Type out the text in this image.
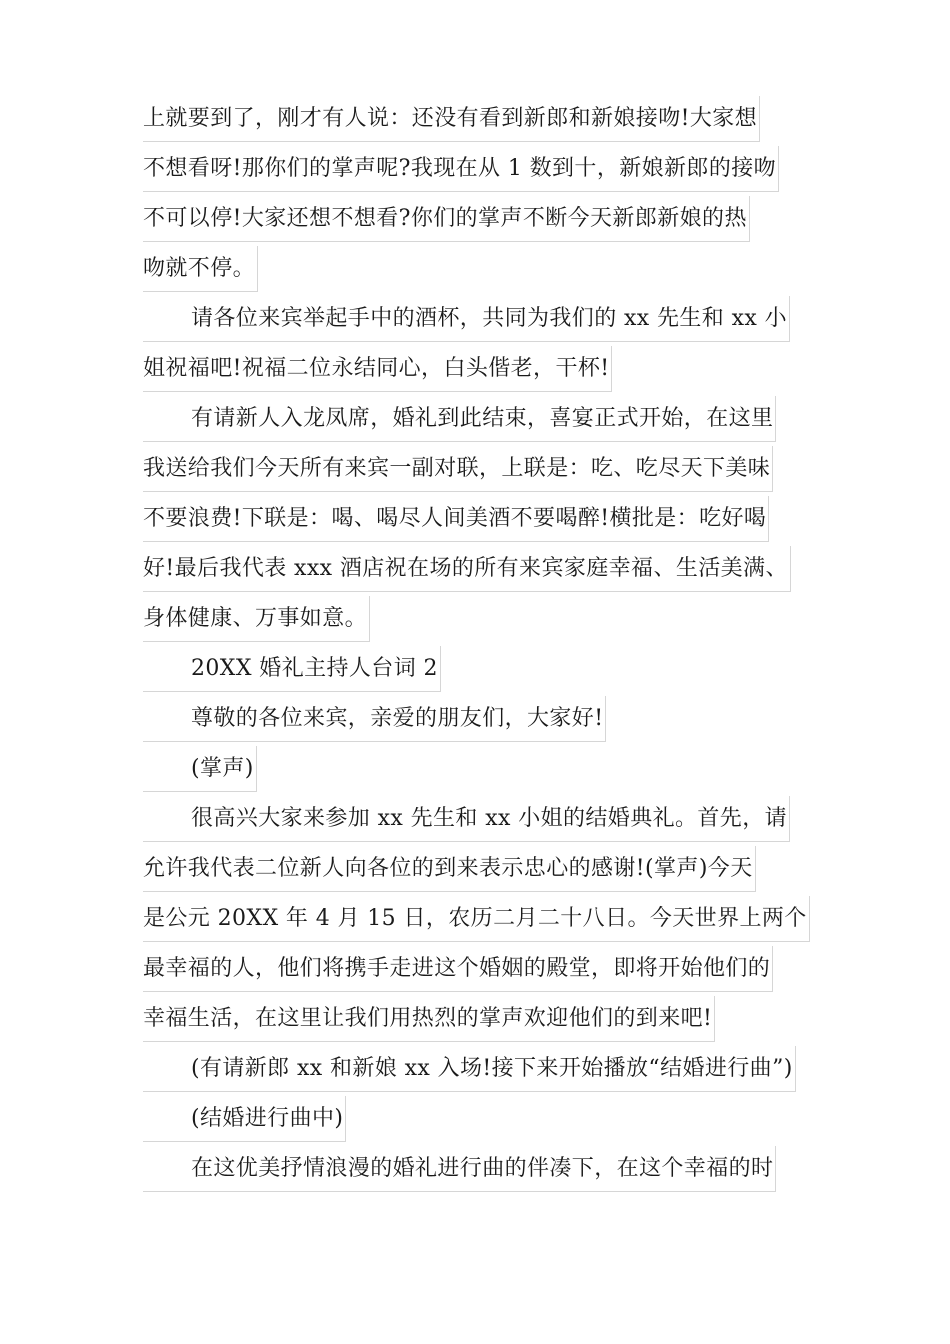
上就要到了，刚才有人说：还没有看到新郎和新娘接吻!大家想
不想看呀!那你们的掌声呢?我现在从 1 数到十，新娘新郎的接吻
不可以停!大家还想不想看?你们的掌声不断今天新郎新娘的热
吻就不停。
请各位来宾举起手中的酒杯，共同为我们的 xx 先生和 xx 小
姐祝福吧!祝福二位永结同心，白头偕老，干杯!
有请新人入龙凤席，婚礼到此结束，喜宴正式开始，在这里
我送给我们今天所有来宾一副对联，上联是：吃、吃尽天下美味
不要浪费!下联是：喝、喝尽人间美酒不要喝醉!横批是：吃好喝
好!最后我代表 xxx 酒店祝在场的所有来宾家庭幸福、生活美满、
身体健康、万事如意。
20XX 婚礼主持人台词 2
尊敬的各位来宾，亲爱的朋友们，大家好!
(掌声)
很高兴大家来参加 xx 先生和 xx 小姐的结婚典礼。首先，请
允许我代表二位新人向各位的到来表示忠心的感谢!(掌声)今天
是公元 20XX 年 4 月 15 日，农历二月二十八日。今天世界上两个
最幸福的人，他们将携手走进这个婚姻的殿堂，即将开始他们的
幸福生活，在这里让我们用热烈的掌声欢迎他们的到来吧!
(有请新郎 xx 和新娘 xx 入场!接下来开始播放“结婚进行曲”)
(结婚进行曲中)
在这优美抒情浪漫的婚礼进行曲的伴凑下，在这个幸福的时
